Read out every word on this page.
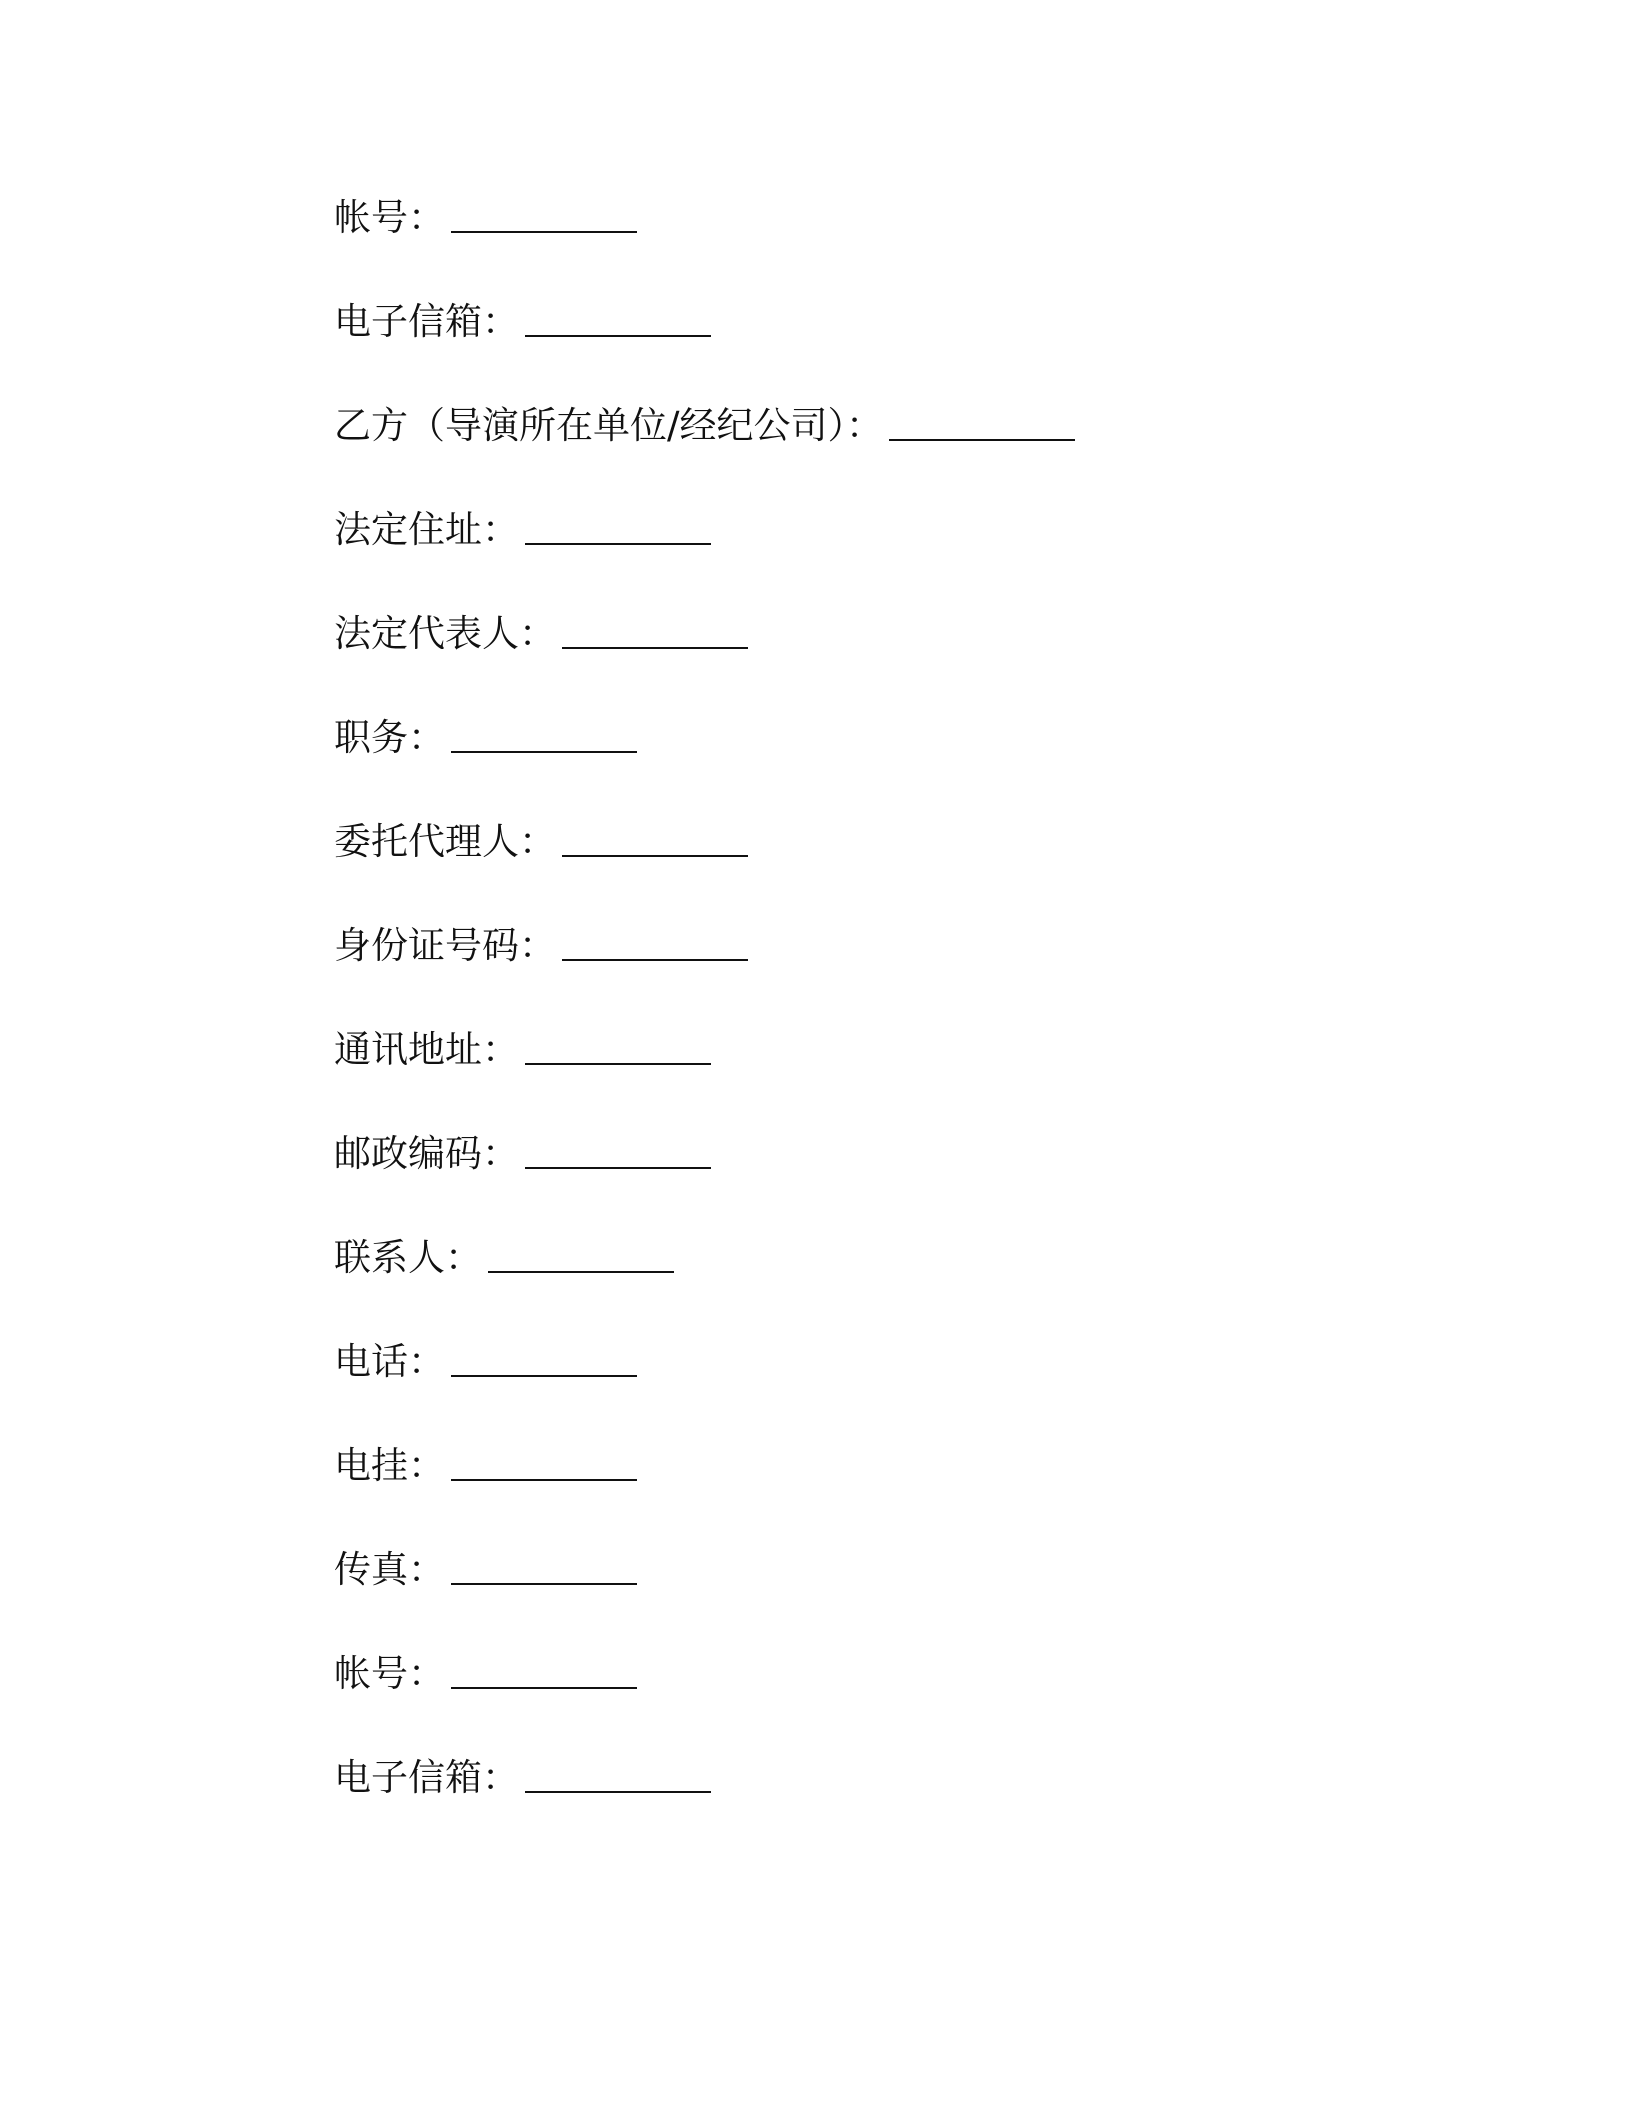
帐号：
电子信箱：
乙方（导演所在单位/经纪公司）：
法定住址：
法定代表人：
职务：
委托代理人：
身份证号码：
通讯地址：
邮政编码：
联系人：
电话：
电挂：
传真：
帐号：
电子信箱：
